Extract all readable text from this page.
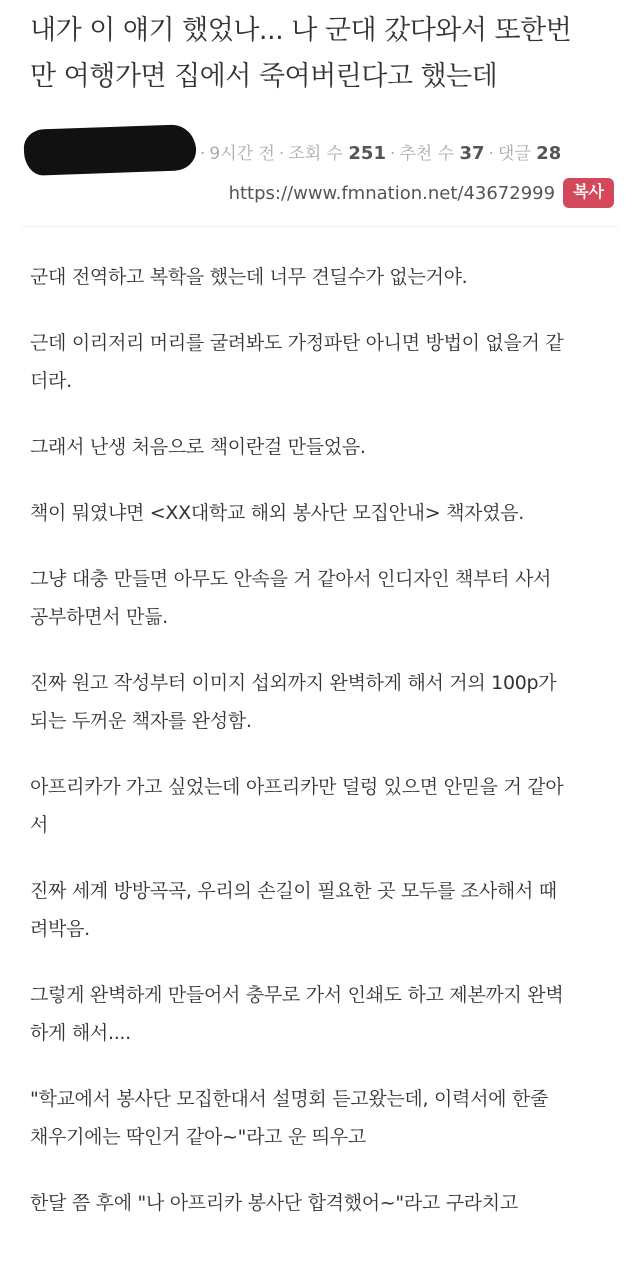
내가 이 얘기 했었나... 나 군대 갔다와서 또한번
만 여행가면 집에서 죽여버린다고 했는데
· 9시간 전 · 조회 수 251 · 추천 수 37 · 댓글 28
https://www.fmnation.net/43672999	복사
군대 전역하고 복학을 했는데 너무 견딜수가 없는거야.
근데 이리저리 머리를 굴려봐도 가정파탄 아니면 방법이 없을거 같
더라.
그래서 난생 처음으로 책이란걸 만들었음.
책이 뭐였냐면 <XX대학교 해외 봉사단 모집안내> 책자였음.
그냥 대충 만들면 아무도 안속을 거 같아서 인디자인 책부터 사서
공부하면서 만듦.
진짜 원고 작성부터 이미지 섭외까지 완벽하게 해서 거의 100p가
되는 두꺼운 책자를 완성함.
아프리카가 가고 싶었는데 아프리카만 덜렁 있으면 안믿을 거 같아
서
진짜 세계 방방곡곡, 우리의 손길이 필요한 곳 모두를 조사해서 때
려박음.
그렇게 완벽하게 만들어서 충무로 가서 인쇄도 하고 제본까지 완벽
하게 해서....
"학교에서 봉사단 모집한대서 설명회 듣고왔는데, 이력서에 한줄
채우기에는 딱인거 같아~"라고 운 띄우고
한달 쯤 후에 "나 아프리카 봉사단 합격했어~"라고 구라치고
